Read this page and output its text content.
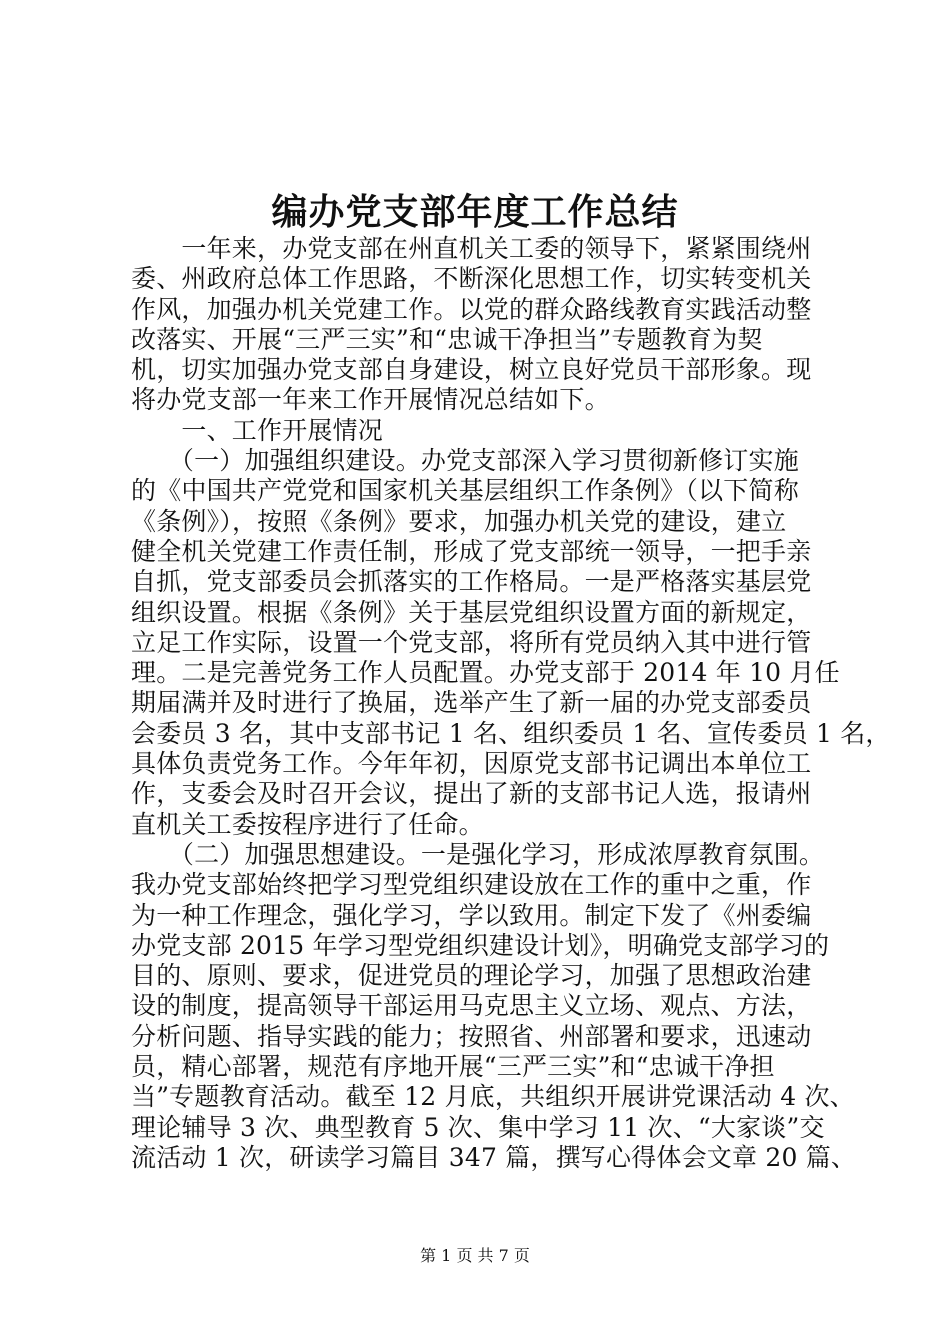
编办党支部年度工作总结
　　一年来，办党支部在州直机关工委的领导下，紧紧围绕州
委、州政府总体工作思路，不断深化思想工作，切实转变机关
作风，加强办机关党建工作。以党的群众路线教育实践活动整
改落实、开展“三严三实”和“忠诚干净担当”专题教育为契
机，切实加强办党支部自身建设，树立良好党员干部形象。现
将办党支部一年来工作开展情况总结如下。
　　一、工作开展情况
　　（一）加强组织建设。办党支部深入学习贯彻新修订实施
的《中国共产党党和国家机关基层组织工作条例》（以下简称
《条例》），按照《条例》要求，加强办机关党的建设，建立
健全机关党建工作责任制，形成了党支部统一领导，一把手亲
自抓，党支部委员会抓落实的工作格局。一是严格落实基层党
组织设置。根据《条例》关于基层党组织设置方面的新规定，
立足工作实际，设置一个党支部，将所有党员纳入其中进行管
理。二是完善党务工作人员配置。办党支部于 2014 年 10 月任
期届满并及时进行了换届，选举产生了新一届的办党支部委员
会委员 3 名，其中支部书记 1 名、组织委员 1 名、宣传委员 1 名，
具体负责党务工作。今年年初，因原党支部书记调出本单位工
作，支委会及时召开会议，提出了新的支部书记人选，报请州
直机关工委按程序进行了任命。
　　（二）加强思想建设。一是强化学习，形成浓厚教育氛围。
我办党支部始终把学习型党组织建设放在工作的重中之重，作
为一种工作理念，强化学习，学以致用。制定下发了《州委编
办党支部 2015 年学习型党组织建设计划》，明确党支部学习的
目的、原则、要求，促进党员的理论学习，加强了思想政治建
设的制度，提高领导干部运用马克思主义立场、观点、方法，
分析问题、指导实践的能力；按照省、州部署和要求，迅速动
员，精心部署，规范有序地开展“三严三实”和“忠诚干净担
当”专题教育活动。截至 12 月底，共组织开展讲党课活动 4 次、
理论辅导 3 次、典型教育 5 次、集中学习 11 次、“大家谈”交
流活动 1 次，研读学习篇目 347 篇，撰写心得体会文章 20 篇、
第 1 页 共 7 页
